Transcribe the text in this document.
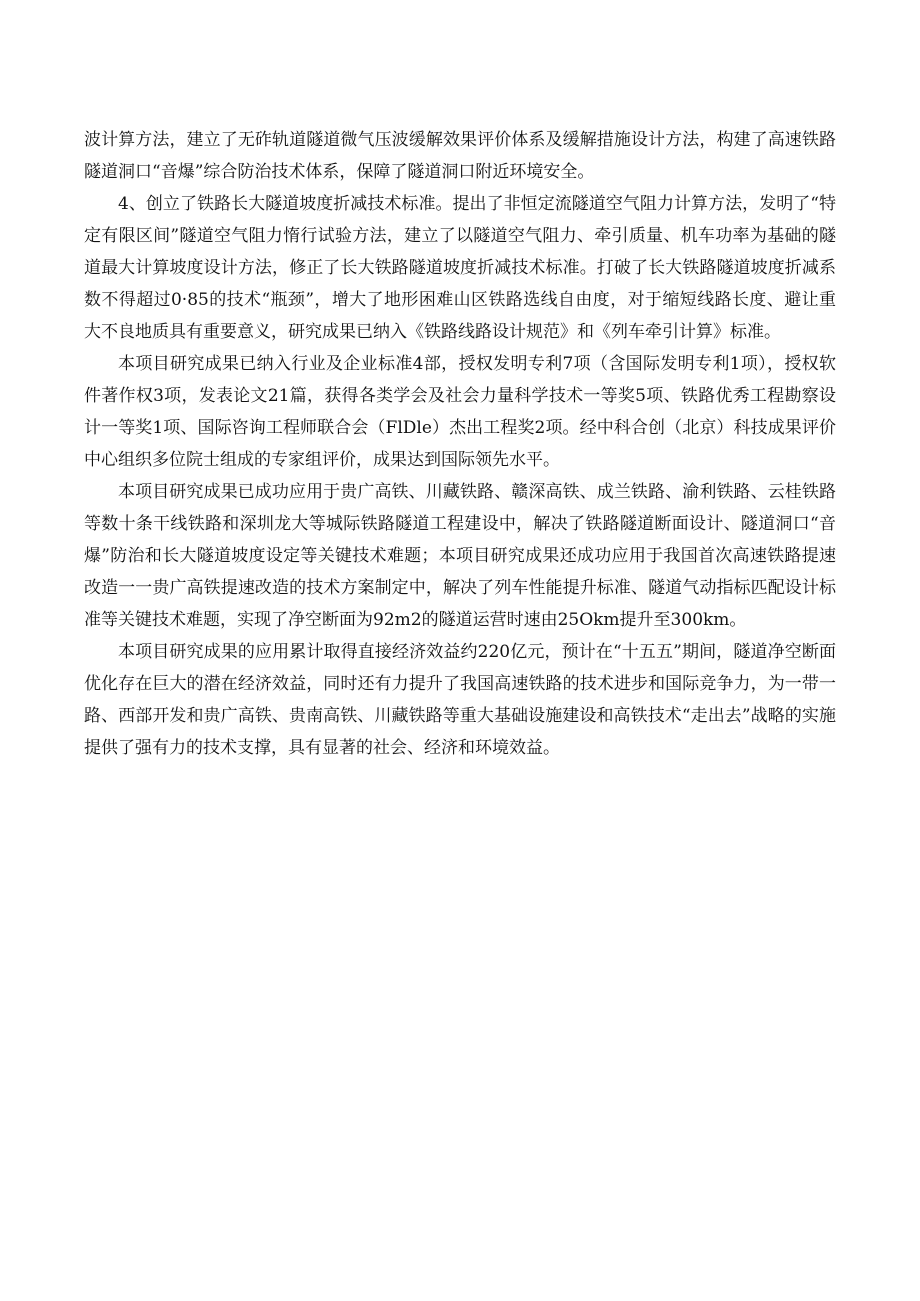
波计算方法，建立了无砟轨道隧道微气压波缓解效果评价体系及缓解措施设计方法，构建了高速铁路隧道洞口“音爆”综合防治技术体系，保障了隧道洞口附近环境安全。

4、创立了铁路长大隧道坡度折减技术标准。提出了非恒定流隧道空气阻力计算方法，发明了“特定有限区间”隧道空气阻力惰行试验方法，建立了以隧道空气阻力、牵引质量、机车功率为基础的隧道最大计算坡度设计方法，修正了长大铁路隧道坡度折减技术标准。打破了长大铁路隧道坡度折减系数不得超过0·85的技术“瓶颈”，增大了地形困难山区铁路选线自由度，对于缩短线路长度、避让重大不良地质具有重要意义，研究成果已纳入《铁路线路设计规范》和《列车牵引计算》标准。

本项目研究成果已纳入行业及企业标准4部，授权发明专利7项（含国际发明专利1项），授权软件著作权3项，发表论文21篇，获得各类学会及社会力量科学技术一等奖5项、铁路优秀工程勘察设计一等奖1项、国际咨询工程师联合会（FlDle）杰出工程奖2项。经中科合创（北京）科技成果评价中心组织多位院士组成的专家组评价，成果达到国际领先水平。

本项目研究成果已成功应用于贵广高铁、川藏铁路、赣深高铁、成兰铁路、渝利铁路、云桂铁路等数十条干线铁路和深圳龙大等城际铁路隧道工程建设中，解决了铁路隧道断面设计、隧道洞口“音爆”防治和长大隧道坡度设定等关键技术难题；本项目研究成果还成功应用于我国首次高速铁路提速改造一一贵广高铁提速改造的技术方案制定中，解决了列车性能提升标准、隧道气动指标匹配设计标准等关键技术难题，实现了净空断面为92m2的隧道运营时速由25Okm提升至300km。

本项目研究成果的应用累计取得直接经济效益约220亿元，预计在“十五五”期间，隧道净空断面优化存在巨大的潜在经济效益，同时还有力提升了我国高速铁路的技术进步和国际竞争力，为一带一路、西部开发和贵广高铁、贵南高铁、川藏铁路等重大基础设施建设和高铁技术“走出去”战略的实施提供了强有力的技术支撑，具有显著的社会、经济和环境效益。
